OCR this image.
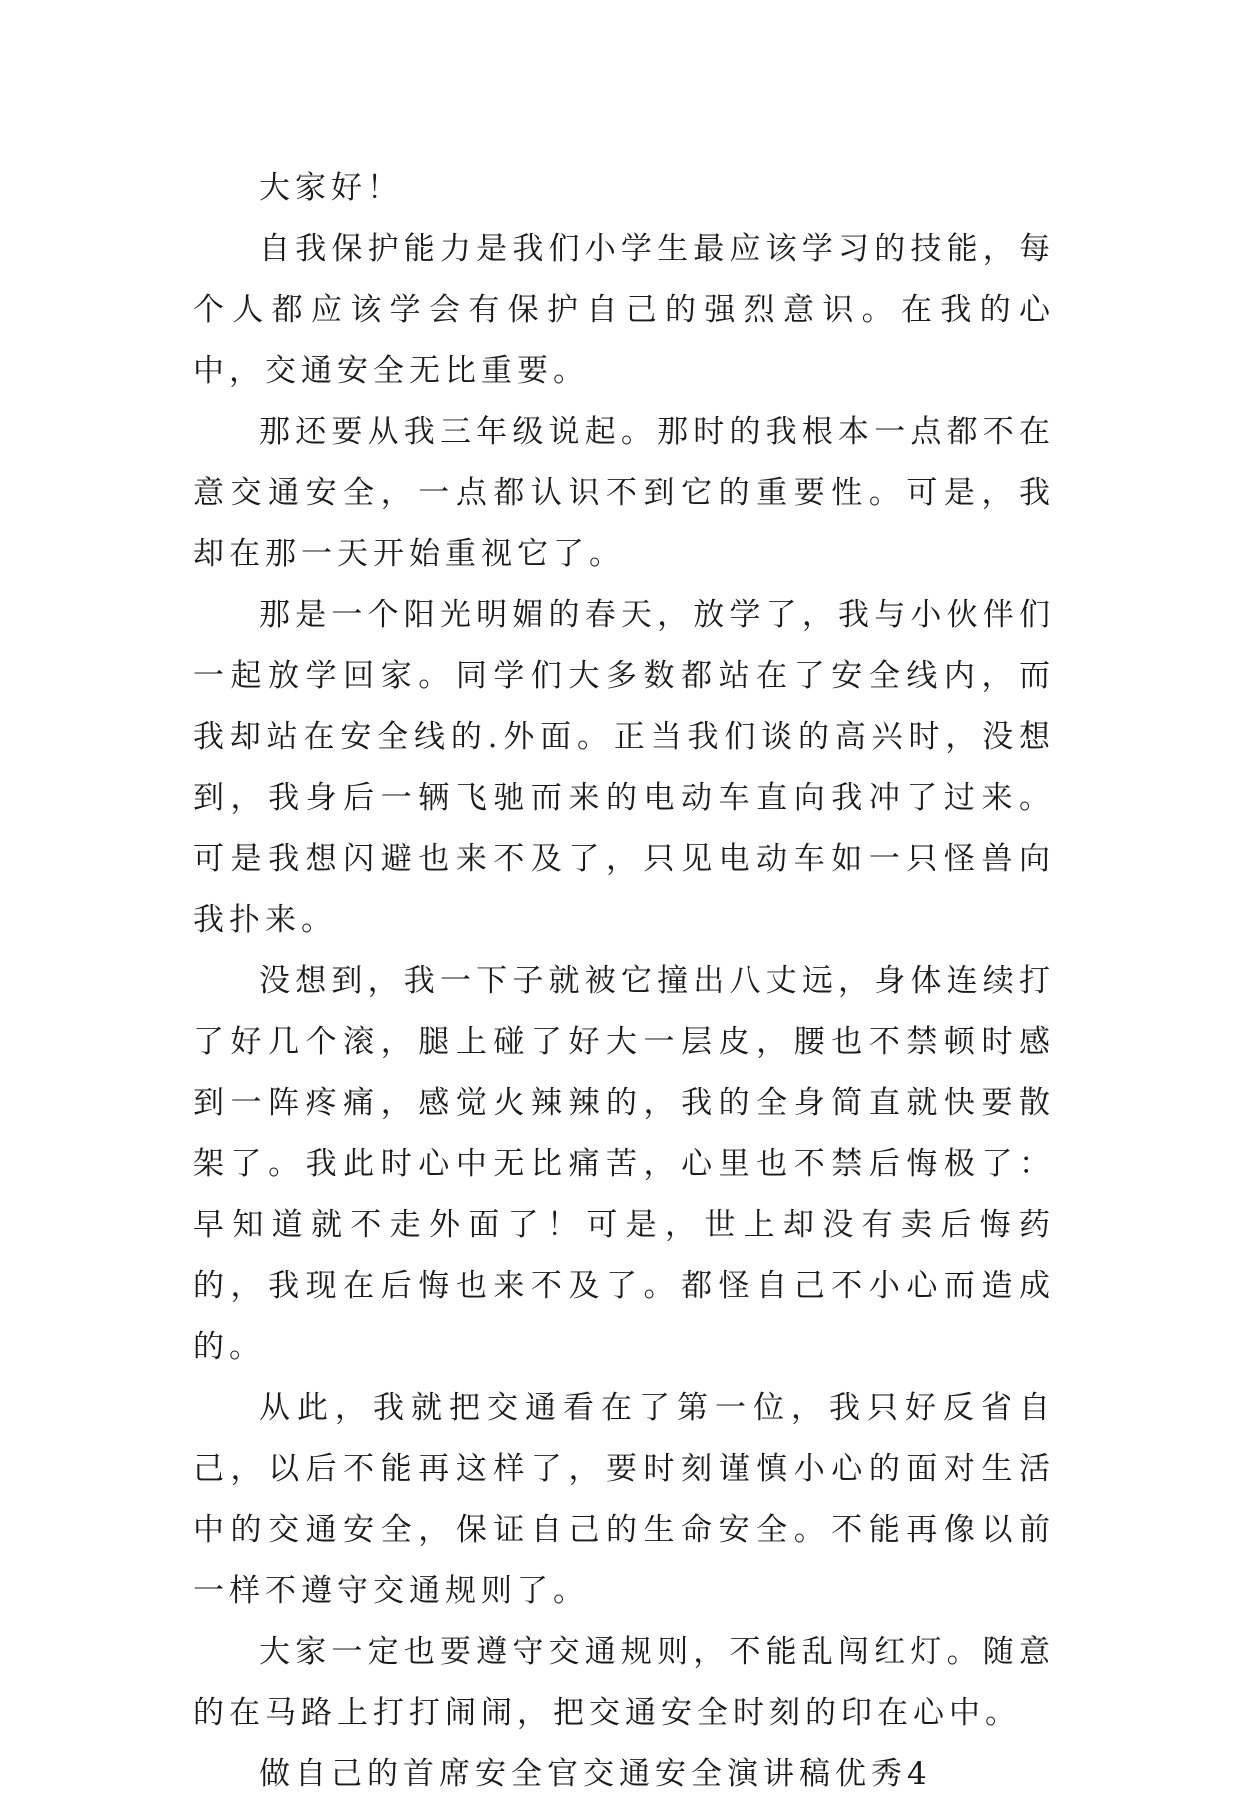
大家好！

自我保护能力是我们小学生最应该学习的技能，每个人都应该学会有保护自己的强烈意识。在我的心中，交通安全无比重要。

那还要从我三年级说起。那时的我根本一点都不在意交通安全，一点都认识不到它的重要性。可是，我却在那一天开始重视它了。

那是一个阳光明媚的春天，放学了，我与小伙伴们一起放学回家。同学们大多数都站在了安全线内，而我却站在安全线的.外面。正当我们谈的高兴时，没想到，我身后一辆飞驰而来的电动车直向我冲了过来。可是我想闪避也来不及了，只见电动车如一只怪兽向我扑来。

没想到，我一下子就被它撞出八丈远，身体连续打了好几个滚，腿上碰了好大一层皮，腰也不禁顿时感到一阵疼痛，感觉火辣辣的，我的全身简直就快要散架了。我此时心中无比痛苦，心里也不禁后悔极了：早知道就不走外面了！可是，世上却没有卖后悔药的，我现在后悔也来不及了。都怪自己不小心而造成的。

从此，我就把交通看在了第一位，我只好反省自己，以后不能再这样了，要时刻谨慎小心的面对生活中的交通安全，保证自己的生命安全。不能再像以前一样不遵守交通规则了。

大家一定也要遵守交通规则，不能乱闯红灯。随意的在马路上打打闹闹，把交通安全时刻的印在心中。

做自己的首席安全官交通安全演讲稿优秀4
